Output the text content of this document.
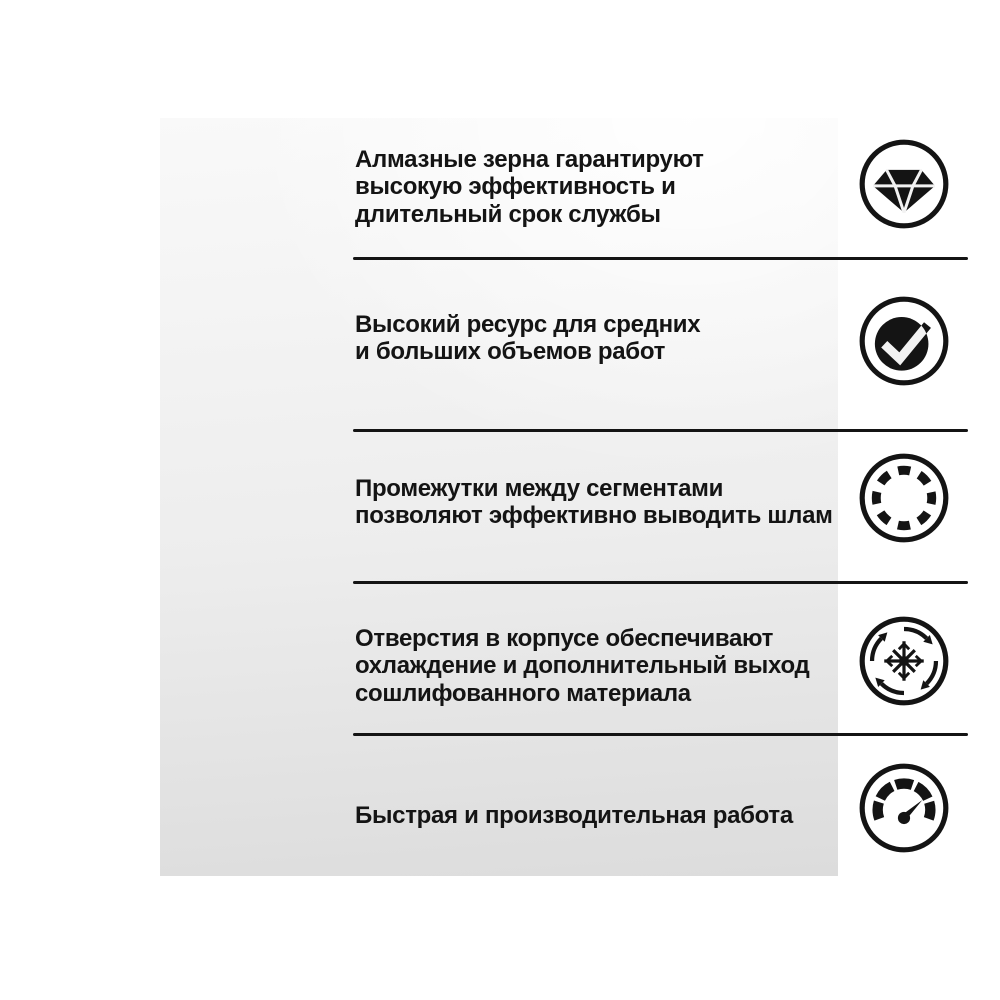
Алмазные зерна гарантируют
высокую эффективность и
длительный срок службы
Высокий ресурс для средних
и больших объемов работ
Промежутки между сегментами
позволяют эффективно выводить шлам
Отверстия в корпусе обеспечивают
охлаждение и дополнительный выход
сошлифованного материала
Быстрая и производительная работа
